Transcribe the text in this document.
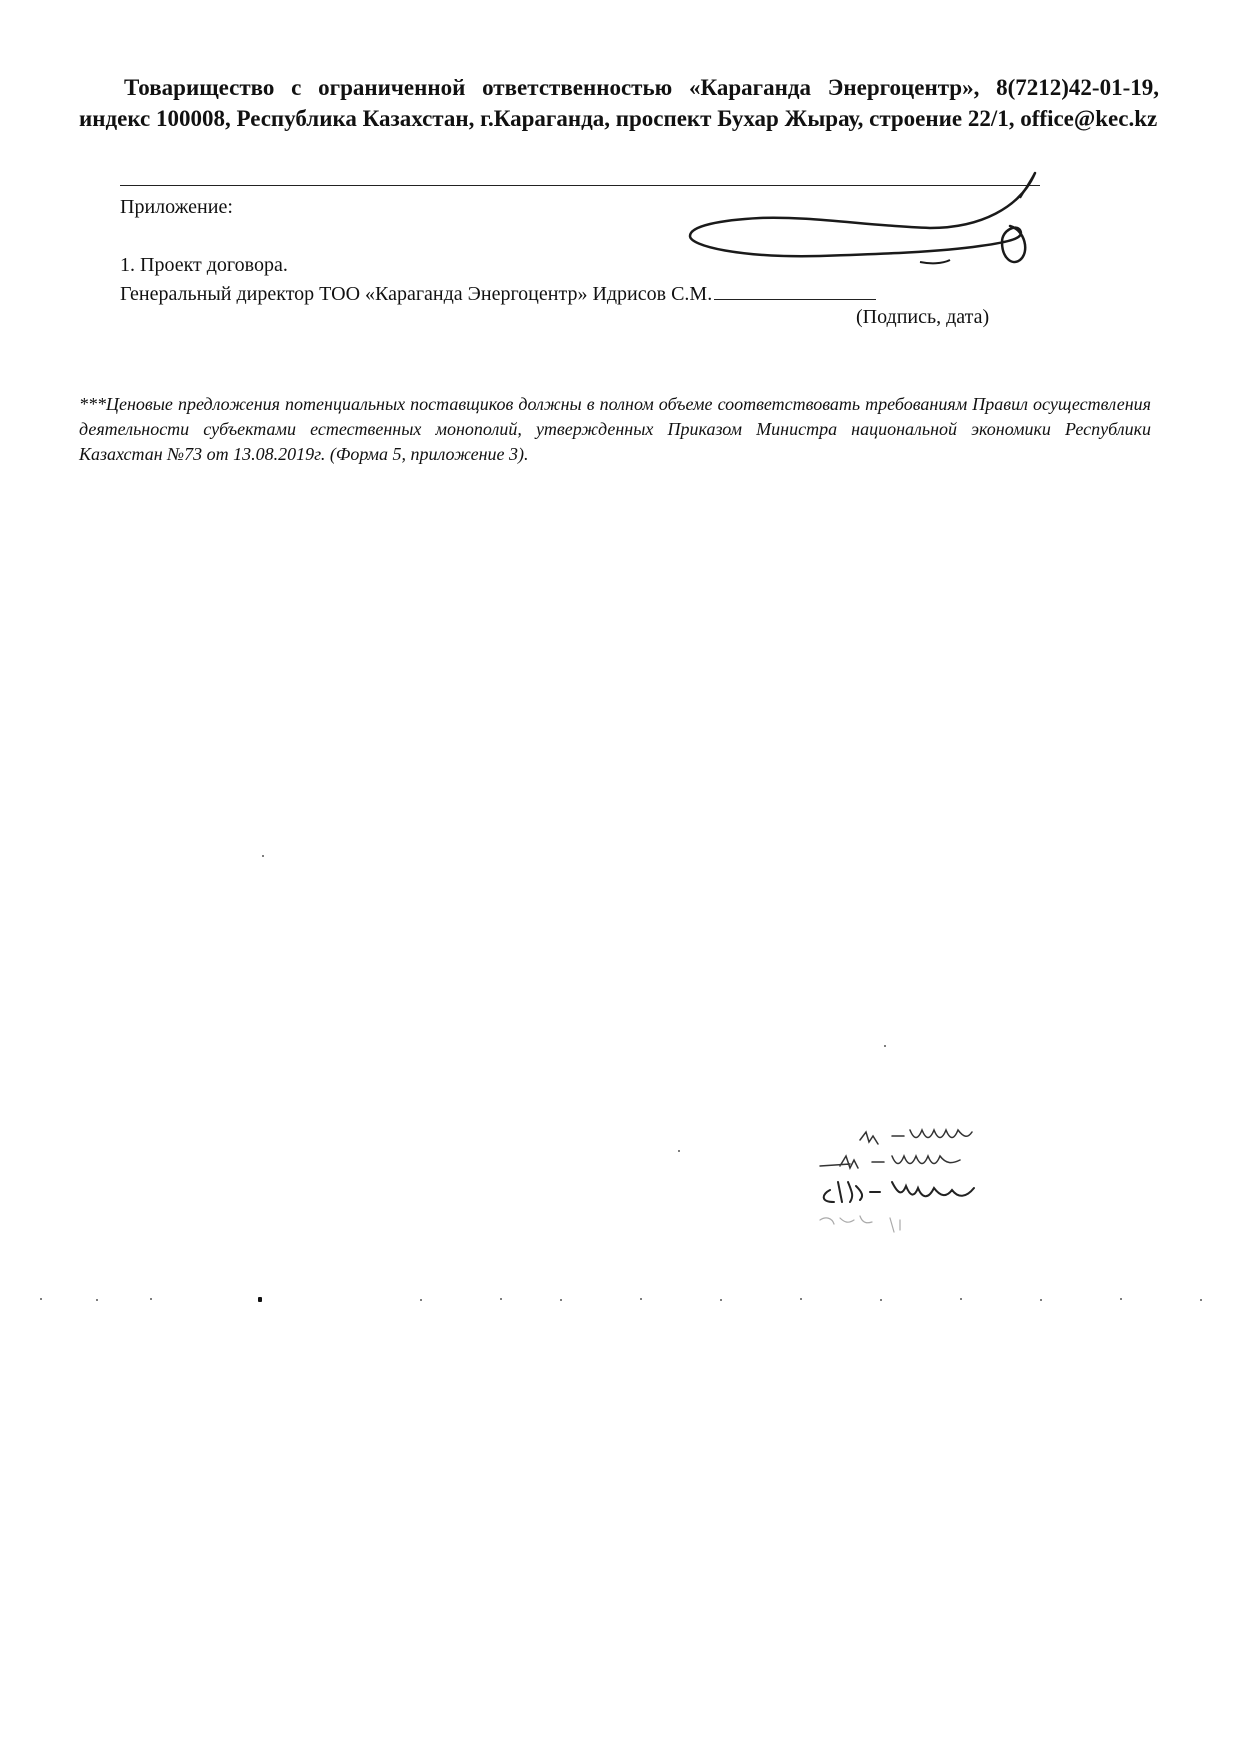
Товарищество с ограниченной ответственностью «Караганда Энергоцентр», 8(7212)42-01-19, индекс 100008, Республика Казахстан, г.Караганда, проспект Бухар Жырау, строение 22/1, office@kec.kz
Приложение:
1. Проект договора.
Генеральный директор ТОО «Караганда Энергоцентр» Идрисов С.М.
(Подпись, дата)
***Ценовые предложения потенциальных поставщиков должны в полном объеме соответствовать требованиям Правил осуществления деятельности субъектами естественных монополий, утвержденных Приказом Министра национальной экономики Республики Казахстан №73 от 13.08.2019г. (Форма 5, приложение 3).
